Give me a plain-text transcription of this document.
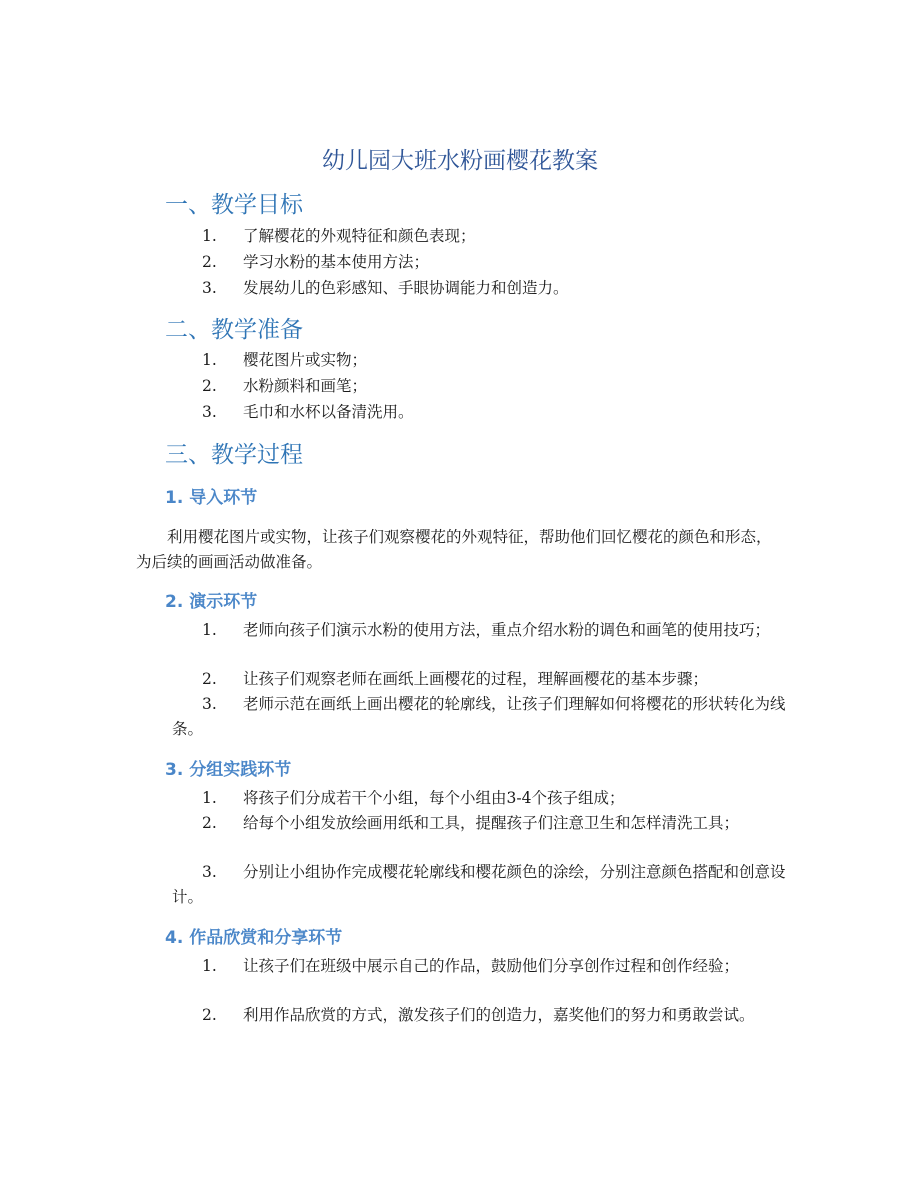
幼儿园大班水粉画樱花教案
一、教学目标
1.	了解樱花的外观特征和颜色表现；
2.	学习水粉的基本使用方法；
3.	发展幼儿的色彩感知、手眼协调能力和创造力。
二、教学准备
1.	樱花图片或实物；
2.	水粉颜料和画笔；
3.	毛巾和水杯以备清洗用。
三、教学过程
1. 导入环节

利用樱花图片或实物，让孩子们观察樱花的外观特征，帮助他们回忆樱花的颜色和形态，为后续的画画活动做准备。

2. 演示环节

1. 老师向孩子们演示水粉的使用方法，重点介绍水粉的调色和画笔的使用技巧；

2. 让孩子们观察老师在画纸上画樱花的过程，理解画樱花的基本步骤；

3. 老师示范在画纸上画出樱花的轮廓线，让孩子们理解如何将樱花的形状转化为线条。

3. 分组实践环节

1. 将孩子们分成若干个小组，每个小组由3-4个孩子组成；

2. 给每个小组发放绘画用纸和工具，提醒孩子们注意卫生和怎样清洗工具；

3. 分别让小组协作完成樱花轮廓线和樱花颜色的涂绘，分别注意颜色搭配和创意设计。

4. 作品欣赏和分享环节

1. 让孩子们在班级中展示自己的作品，鼓励他们分享创作过程和创作经验；

2. 利用作品欣赏的方式，激发孩子们的创造力，嘉奖他们的努力和勇敢尝试。
